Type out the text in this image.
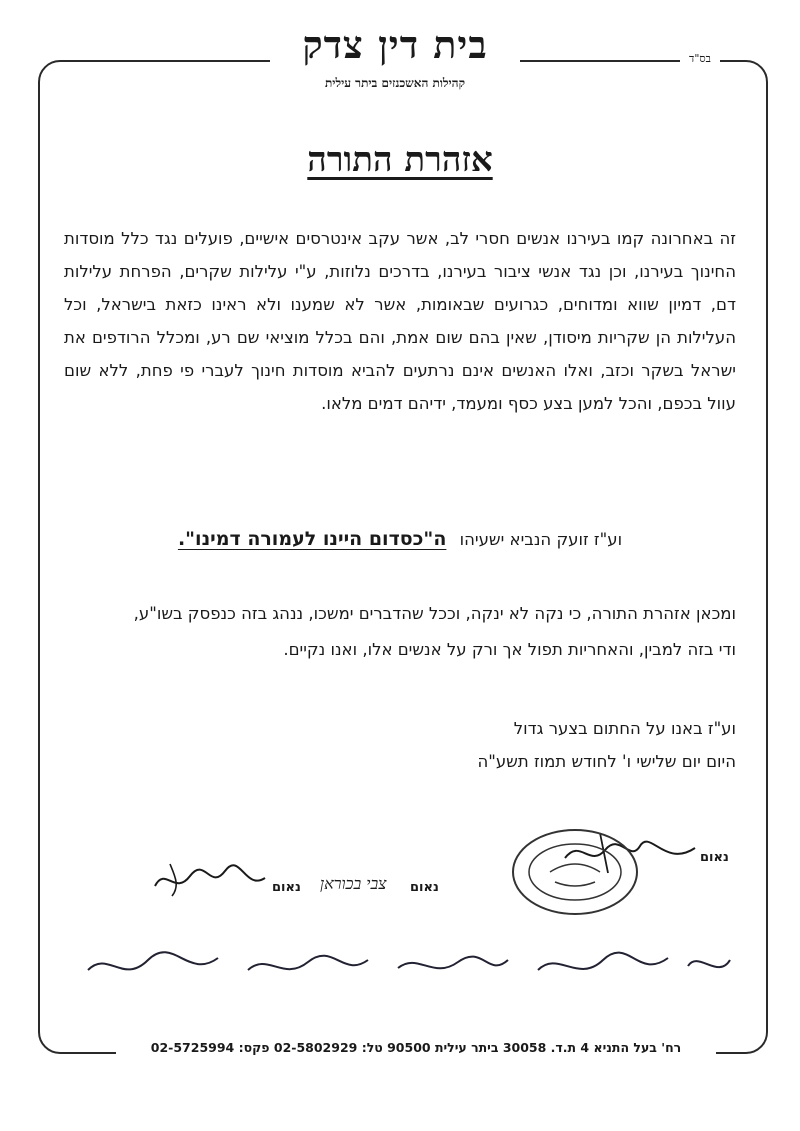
בית דין צדק
קהילות האשכנזים ביתר עילית
בס"ד
אזהרת התורה
זה באחרונה קמו בעירנו אנשים חסרי לב, אשר עקב אינטרסים אישיים, פועלים נגד כלל מוסדות החינוך בעירנו, וכן נגד אנשי ציבור בעירנו, בדרכים נלוזות, ע"י עלילות שקרים, הפרחת עלילות דם, דמיון שווא ומדוחים, כגרועים שבאומות, אשר לא שמענו ולא ראינו כזאת בישראל, וכל העלילות הן שקריות מיסודן, שאין בהם שום אמת, והם בכלל מוציאי שם רע, ומכלל הרודפים את ישראל בשקר וכזב, ואלו האנשים אינם נרתעים להביא מוסדות חינוך לעברי פי פחת, ללא שום עוול בכפם, והכל למען בצע כסף ומעמד, ידיהם דמים מלאו.
וע"ז זועק הנביא ישעיהו ה"כסדום היינו לעמורה דמינו".
ומכאן אזהרת התורה, כי נקה לא ינקה, וככל שהדברים ימשכו, ננהג בזה כנפסק בשו"ע,
ודי בזה למבין, והאחריות תפול אך ורק על אנשים אלו, ואנו נקיים.
וע"ז באנו על החתום בצער גדול
היום יום שלישי ו' לחודש תמוז תשע"ה
נאום
נאום
צבי בכוראן
נאום
רח' בעל התניא 4 ת.ד. 30058 ביתר עילית 90500 טל: 02-5802929 פקס: 02-5725994
